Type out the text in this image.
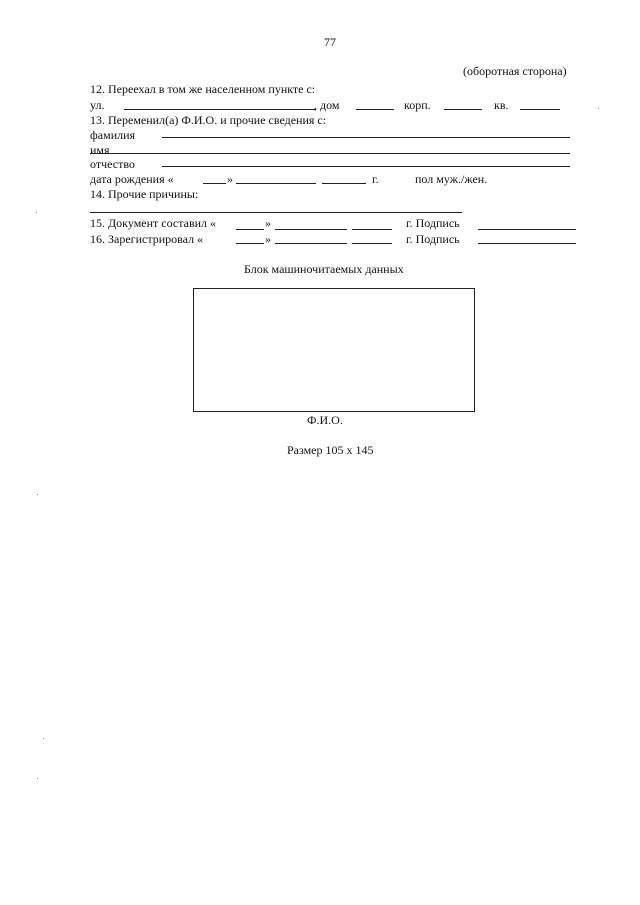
77
(оборотная сторона)
12. Переехал в том же населенном пункте с:
ул.	, дом	корп.	кв.
13. Переменил(а) Ф.И.О. и прочие сведения с:
фамилия
имя
отчество
дата рождения «	»	г.	пол муж./жен.
14. Прочие причины:
15. Документ составил «	»	г. Подпись
16. Зарегистрировал «	»	г. Подпись
Блок машиночитаемых данных
Ф.И.О.
Размер 105 х 145
